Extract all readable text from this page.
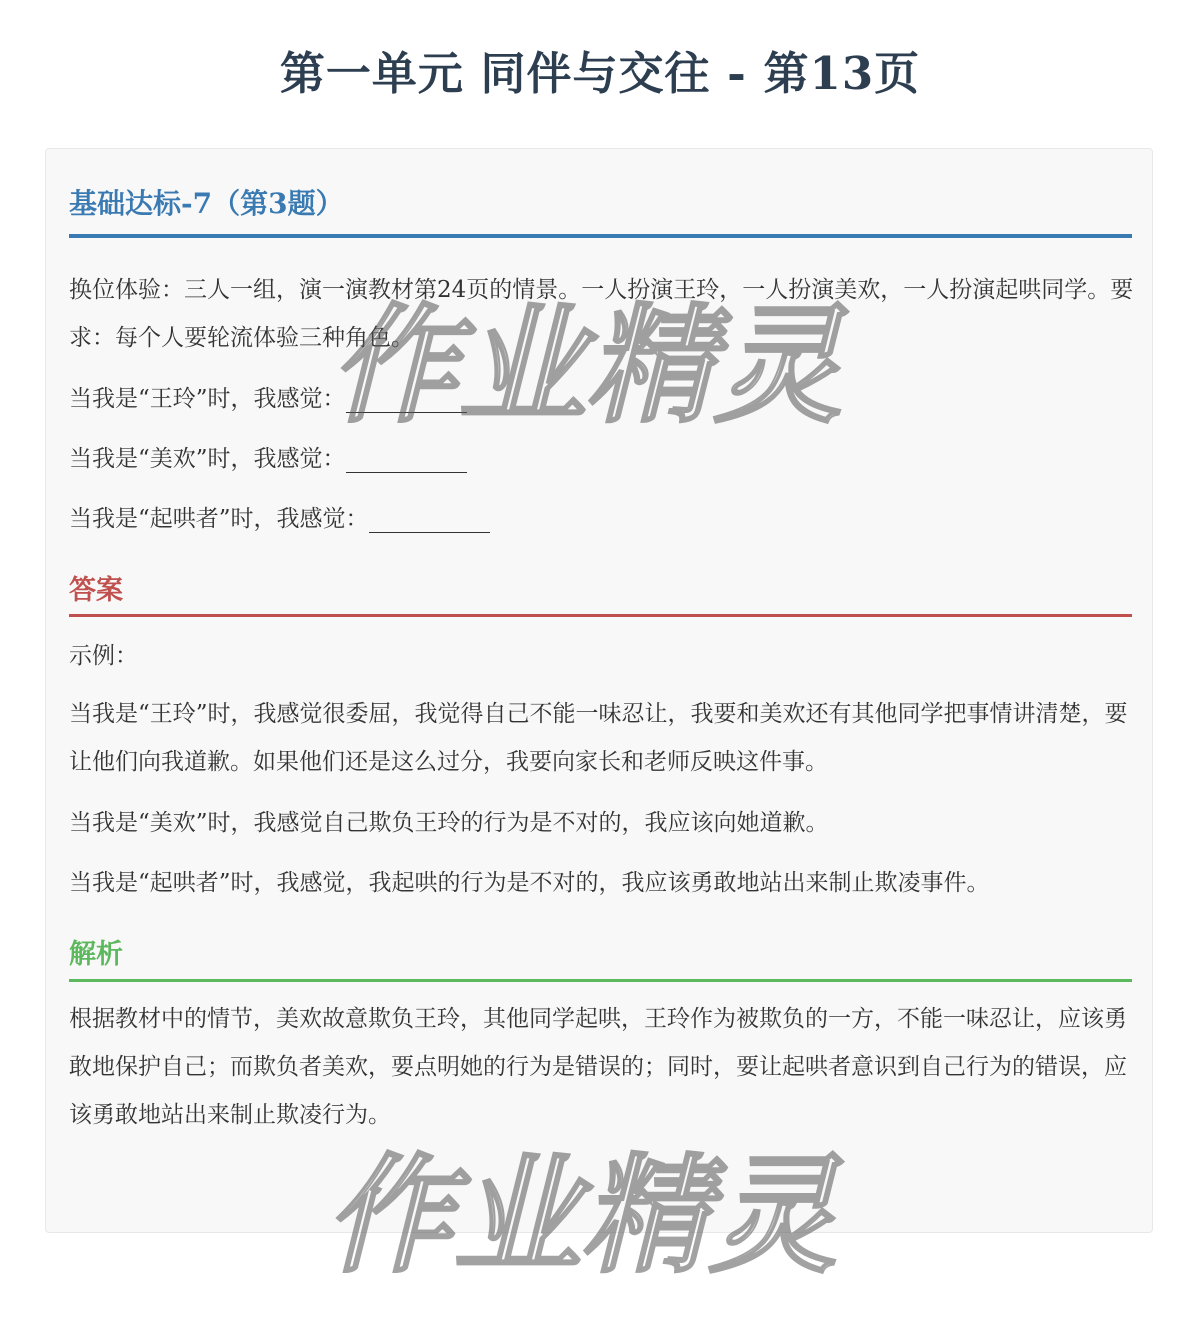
第一单元 同伴与交往 - 第13页
基础达标-7（第3题）

换位体验：三人一组，演一演教材第24页的情景。一人扮演王玲，一人扮演美欢，一人扮演起哄同学。要求：每个人要轮流体验三种角色。

当我是“王玲”时，我感觉：

当我是“美欢”时，我感觉：

当我是“起哄者”时，我感觉：

答案

示例：

当我是“王玲”时，我感觉很委屈，我觉得自己不能一味忍让，我要和美欢还有其他同学把事情讲清楚，要让他们向我道歉。如果他们还是这么过分，我要向家长和老师反映这件事。

当我是“美欢”时，我感觉自己欺负王玲的行为是不对的，我应该向她道歉。

当我是“起哄者”时，我感觉，我起哄的行为是不对的，我应该勇敢地站出来制止欺凌事件。

解析

根据教材中的情节，美欢故意欺负王玲，其他同学起哄，王玲作为被欺负的一方，不能一味忍让，应该勇敢地保护自己；而欺负者美欢，要点明她的行为是错误的；同时，要让起哄者意识到自己行为的错误，应该勇敢地站出来制止欺凌行为。

作业精灵
作业精灵
